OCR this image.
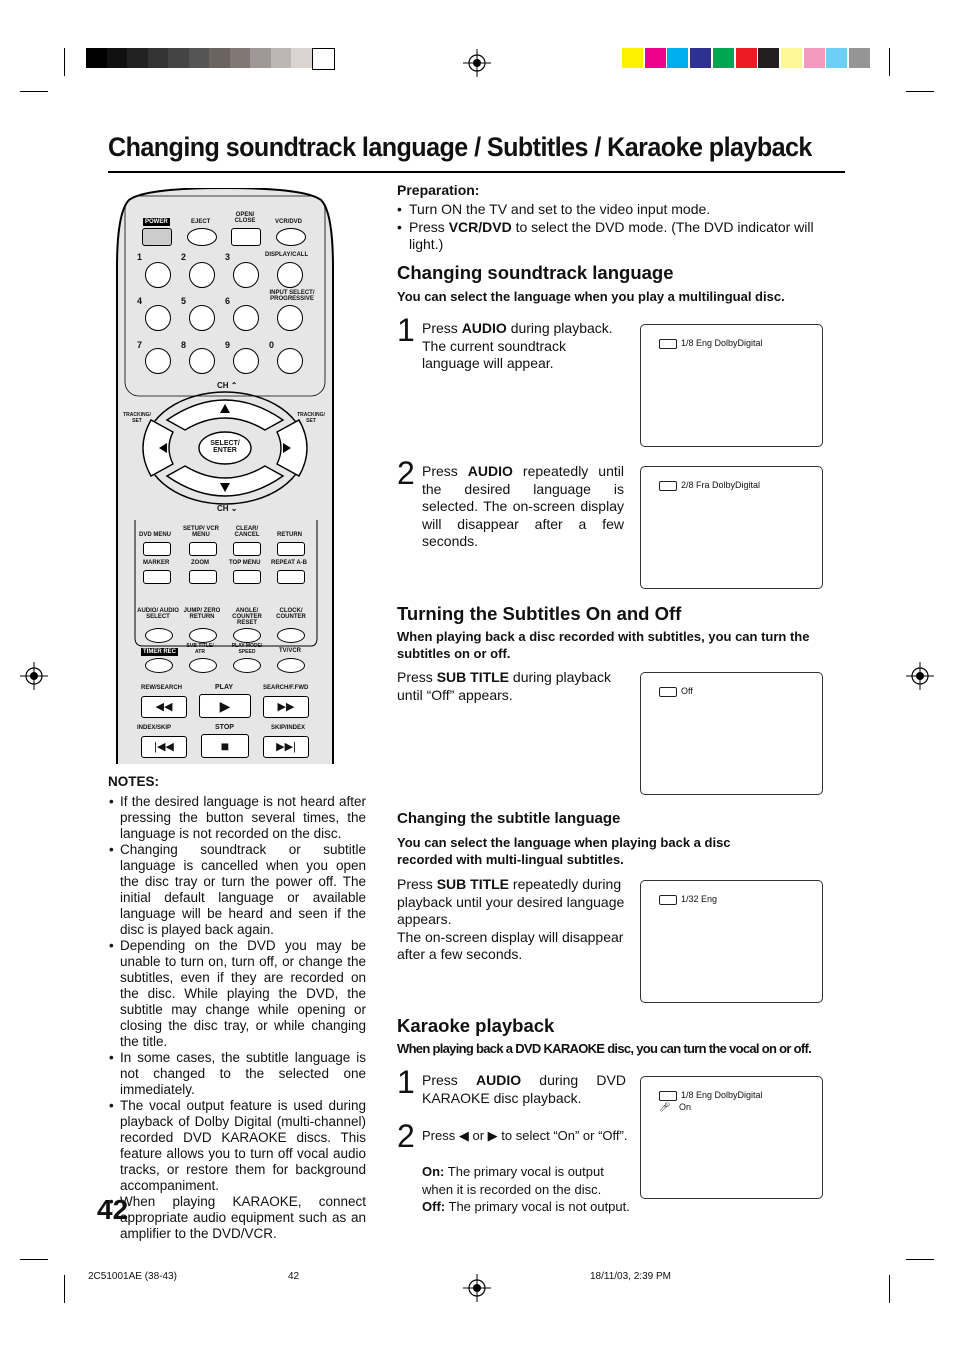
Changing soundtrack language / Subtitles / Karaoke playback
POWER	EJECT
OPEN/ CLOSE	VCR/DVD
DISPLAY/CALL
INPUT SELECT/ PROGRESSIVE
1	2	3
4	5	6
7	8	9	0
CH ⌃
CH ⌄
TRACKING/ SET
TRACKING/ SET
SELECT/ ENTER
DVD MENU
SETUP/ VCR MENU
CLEAR/ CANCEL	RETURN
MARKER	ZOOM	TOP MENU REPEAT A-B
AUDIO/ AUDIO SELECT
JUMP/ ZERO RETURN
ANGLE/ COUNTER RESET
CLOCK/ COUNTER
TIMER REC
SUB TITLE/ ATR
PLAY MODE/ SPEED	TV/VCR
REW/SEARCH	PLAY	SEARCH/F.FWD
◀◀	▶	▶▶
INDEX/SKIP	STOP	SKIP/INDEX
|◀◀	■	▶▶|
Preparation:
• Turn ON the TV and set to the video input mode.
• Press VCR/DVD to select the DVD mode. (The DVD indicator will light.)
Changing soundtrack language
You can select the language when you play a multilingual disc.
1 Press AUDIO during playback. The current soundtrack language will appear.
1/8 Eng DolbyDigital
2 Press AUDIO repeatedly until the desired language is selected. The on-screen display will disappear after a few seconds.
2/8 Fra DolbyDigital
Turning the Subtitles On and Off
When playing back a disc recorded with subtitles, you can turn the subtitles on or off.
Press SUB TITLE during playback until “Off” appears.	Off
Changing the subtitle language
You can select the language when playing back a disc recorded with multi-lingual subtitles.
Press SUB TITLE repeatedly during playback until your desired language appears.
The on-screen display will disappear after a few seconds.
1/32 Eng
Karaoke playback
When playing back a DVD KARAOKE disc, you can turn the vocal on or off.
1 Press AUDIO during DVD KARAOKE disc playback.
2 Press ◀ or ▶ to select “On” or “Off”.
On: The primary vocal is output when it is recorded on the disc.
Off: The primary vocal is not output.
1/8 Eng DolbyDigital
🎤︎ On
NOTES:
• If the desired language is not heard after pressing the button several times, the language is not recorded on the disc.
• Changing soundtrack or subtitle language is cancelled when you open the disc tray or turn the power off. The initial default language or available language will be heard and seen if the disc is played back again.
• Depending on the DVD you may be unable to turn on, turn off, or change the subtitles, even if they are recorded on the disc. While playing the DVD, the subtitle may change while opening or closing the disc tray, or while changing the title.
• In some cases, the subtitle language is not changed to the selected one immediately.
• The vocal output feature is used during playback of Dolby Digital (multi-channel) recorded DVD KARAOKE discs. This feature allows you to turn off vocal audio tracks, or restore them for background accompaniment.
• When playing KARAOKE, connect appropriate audio equipment such as an amplifier to the DVD/VCR.
42
2C51001AE (38-43)	42	18/11/03, 2:39 PM
